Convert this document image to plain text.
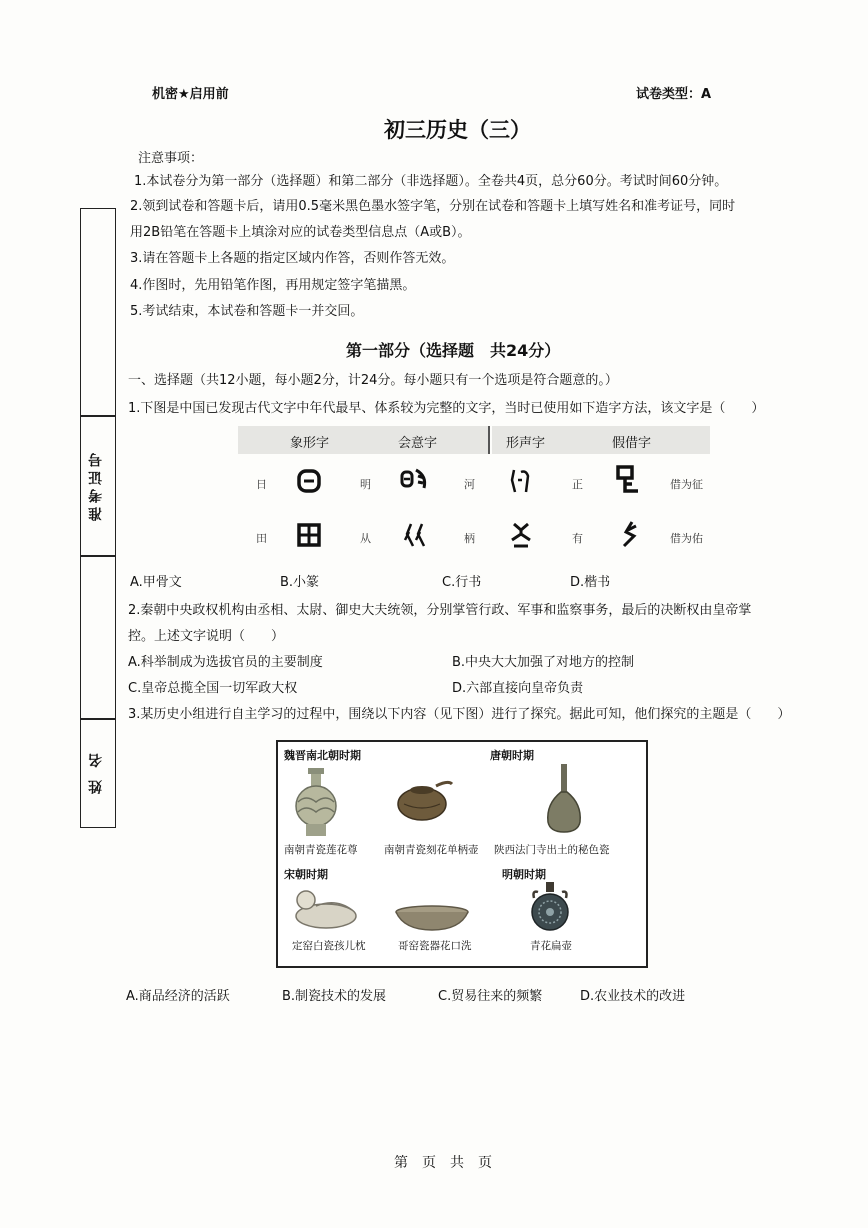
机密★启用前	试卷类型：A
初三历史（三）
注意事项：
1.本试卷分为第一部分（选择题）和第二部分（非选择题）。全卷共4页，总分60分。考试时间60分钟。
2.领到试卷和答题卡后，请用0.5毫米黑色墨水签字笔，分别在试卷和答题卡上填写姓名和准考证号，同时
用2B铅笔在答题卡上填涂对应的试卷类型信息点（A或B）。
3.请在答题卡上各题的指定区域内作答，否则作答无效。
4.作图时，先用铅笔作图，再用规定签字笔描黑。
5.考试结束，本试卷和答题卡一并交回。
准考证号
姓 名
第一部分（选择题　共24分）
一、选择题（共12小题，每小题2分，计24分。每小题只有一个选项是符合题意的。）
1.下图是中国已发现古代文字中年代最早、体系较为完整的文字，当时已使用如下造字方法，该文字是（　　）
象形字	会意字	形声字	假借字
日	明	河	正	借为征
田	从	柄	有	借为佑
A.甲骨文	B.小篆	C.行书	D.楷书
2.秦朝中央政权机构由丞相、太尉、御史大夫统领，分别掌管行政、军事和监察事务，最后的决断权由皇帝掌
控。上述文字说明（　　）
A.科举制成为选拔官员的主要制度	B.中央大大加强了对地方的控制
C.皇帝总揽全国一切军政大权	D.六部直接向皇帝负责
3.某历史小组进行自主学习的过程中，围绕以下内容（见下图）进行了探究。据此可知，他们探究的主题是（　　）
魏晋南北朝时期	唐朝时期
南朝青瓷莲花尊	南朝青瓷刻花单柄壶 陕西法门寺出土的秘色瓷
宋朝时期	明朝时期
定窑白瓷孩儿枕	哥窑瓷器花口洗	青花扁壶
A.商品经济的活跃	B.制瓷技术的发展	C.贸易往来的频繁	D.农业技术的改进
第　页　共　页
